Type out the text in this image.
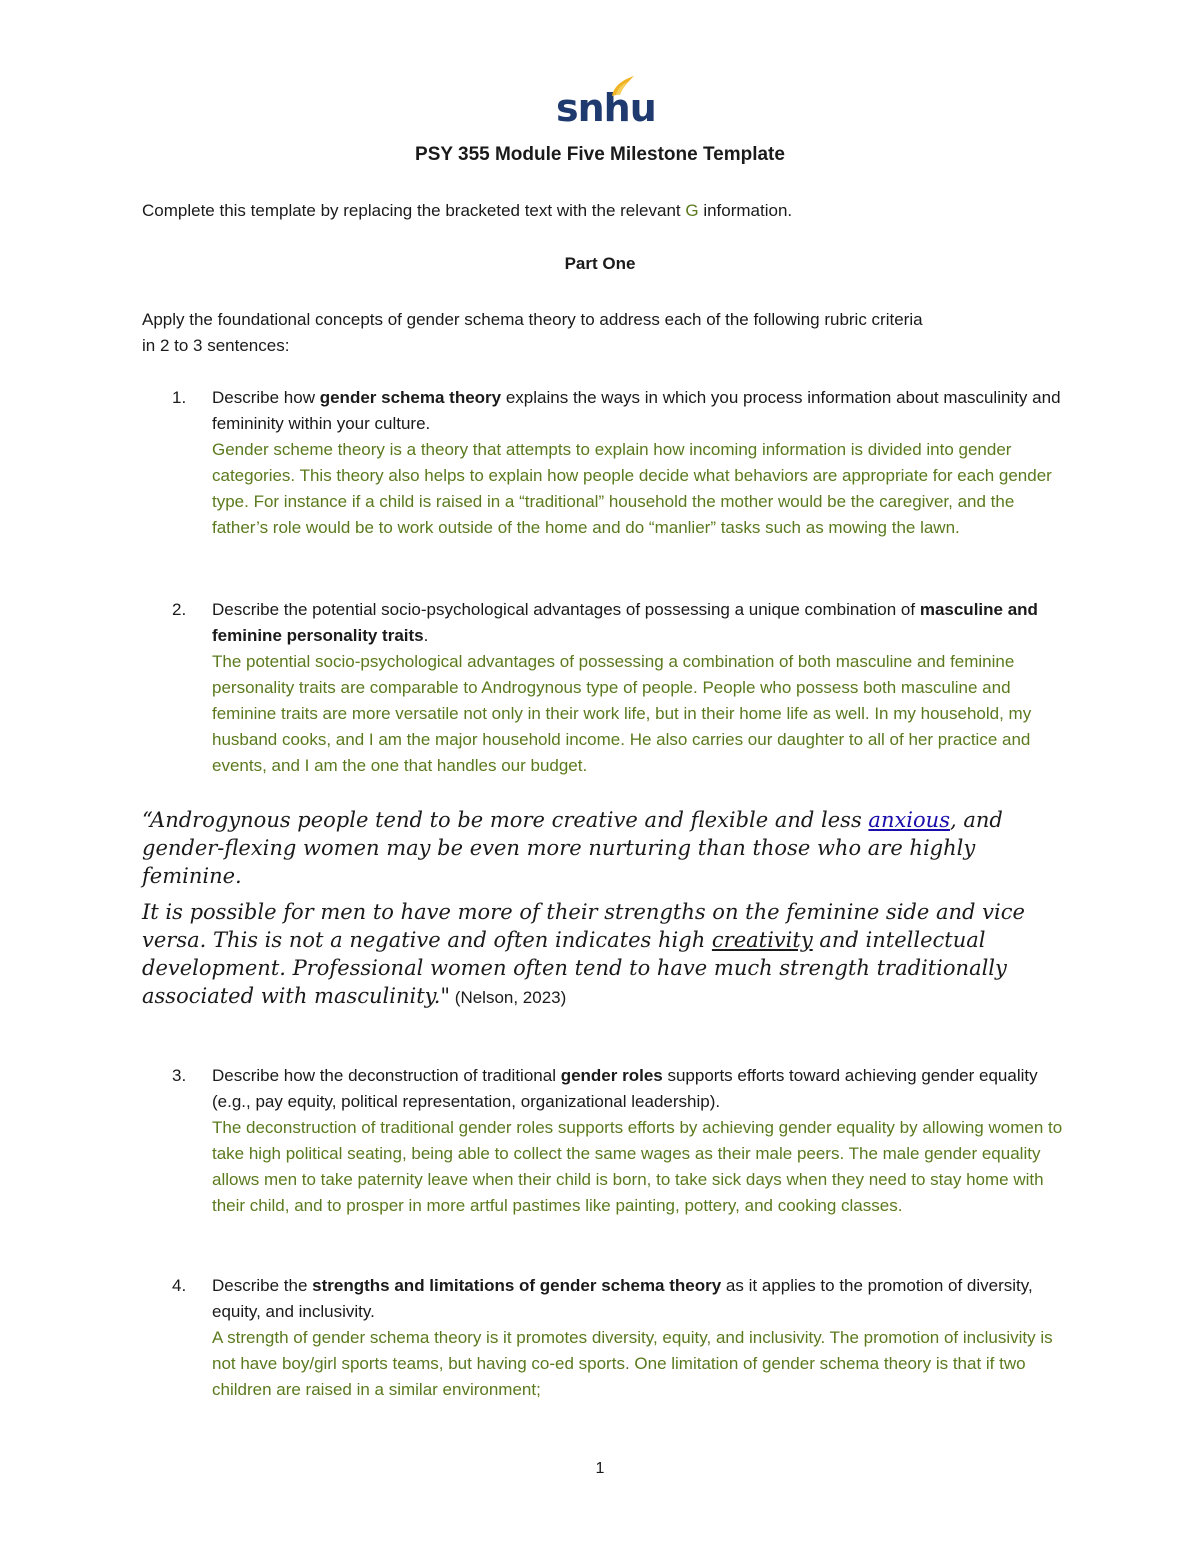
snhu
PSY 355 Module Five Milestone Template
Complete this template by replacing the bracketed text with the relevant G information.
Part One
Apply the foundational concepts of gender schema theory to address each of the following rubric criteria
in 2 to 3 sentences:
1.	Describe how gender schema theory explains the ways in which you process information about masculinity and femininity within your culture.
Gender scheme theory is a theory that attempts to explain how incoming information is divided into gender categories. This theory also helps to explain how people decide what behaviors are appropriate for each gender type. For instance if a child is raised in a “traditional” household the mother would be the caregiver, and the father’s role would be to work outside of the home and do “manlier” tasks such as mowing the lawn.
2.	Describe the potential socio-psychological advantages of possessing a unique combination of masculine and feminine personality traits.
The potential socio-psychological advantages of possessing a combination of both masculine and feminine personality traits are comparable to Androgynous type of people. People who possess both masculine and feminine traits are more versatile not only in their work life, but in their home life as well. In my household, my husband cooks, and I am the major household income. He also carries our daughter to all of her practice and events, and I am the one that handles our budget.
“Androgynous people tend to be more creative and flexible and less anxious, and gender-flexing women may be even more nurturing than those who are highly feminine.
It is possible for men to have more of their strengths on the feminine side and vice versa. This is not a negative and often indicates high creativity and intellectual development. Professional women often tend to have much strength traditionally associated with masculinity." (Nelson, 2023)
3.	Describe how the deconstruction of traditional gender roles supports efforts toward achieving gender equality (e.g., pay equity, political representation, organizational leadership).
The deconstruction of traditional gender roles supports efforts by achieving gender equality by allowing women to take high political seating, being able to collect the same wages as their male peers. The male gender equality allows men to take paternity leave when their child is born, to take sick days when they need to stay home with their child, and to prosper in more artful pastimes like painting, pottery, and cooking classes.
4.	Describe the strengths and limitations of gender schema theory as it applies to the promotion of diversity, equity, and inclusivity.
A strength of gender schema theory is it promotes diversity, equity, and inclusivity. The promotion of inclusivity is not have boy/girl sports teams, but having co-ed sports. One limitation of gender schema theory is that if two children are raised in a similar environment;
1
